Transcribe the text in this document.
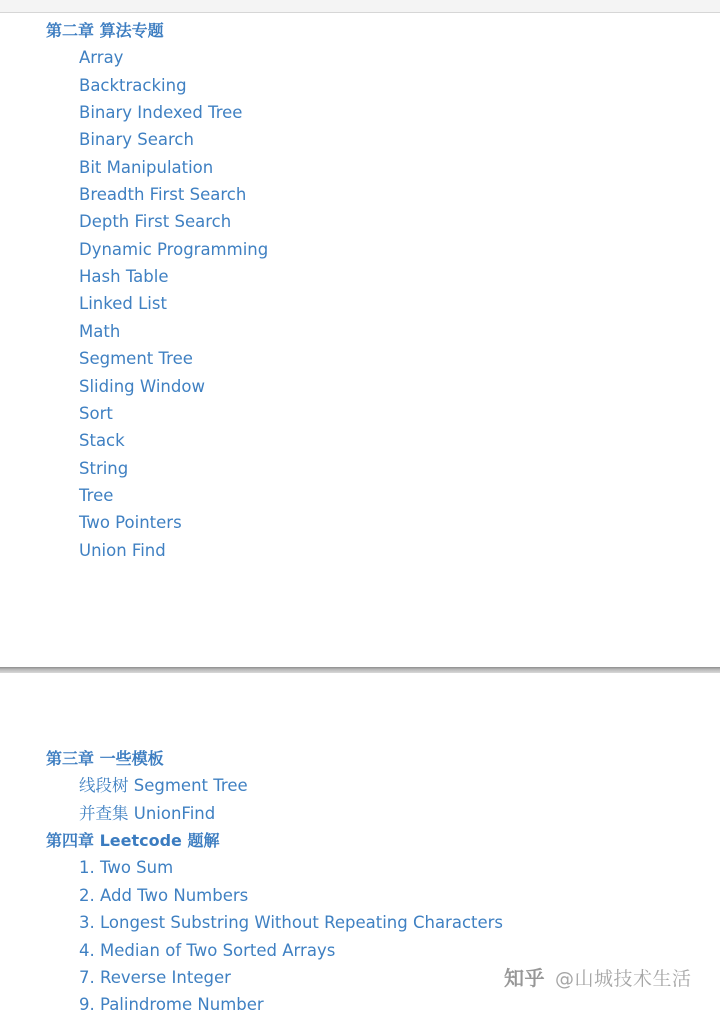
第二章 算法专题
Array
Backtracking
Binary Indexed Tree
Binary Search
Bit Manipulation
Breadth First Search
Depth First Search
Dynamic Programming
Hash Table
Linked List
Math
Segment Tree
Sliding Window
Sort
Stack
String
Tree
Two Pointers
Union Find
第三章 一些模板
线段树 Segment Tree
并查集 UnionFind
第四章 Leetcode 题解
1. Two Sum
2. Add Two Numbers
3. Longest Substring Without Repeating Characters
4. Median of Two Sorted Arrays
7. Reverse Integer
9. Palindrome Number
知乎 @山城技术生活
